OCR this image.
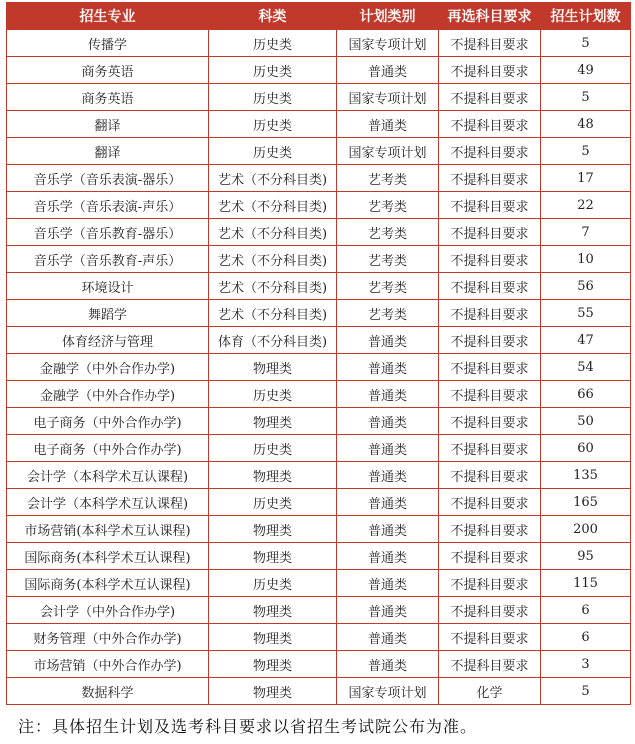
招生专业	科类	计划类别	再选科目要求	招生计划数
传播学	历史类	国家专项计划	不提科目要求	5
商务英语	历史类	普通类	不提科目要求	49
商务英语	历史类	国家专项计划	不提科目要求	5
翻译	历史类	普通类	不提科目要求	48
翻译	历史类	国家专项计划	不提科目要求	5
音乐学（音乐表演-器乐）	艺术（不分科目类)	艺考类	不提科目要求	17
音乐学（音乐表演-声乐）	艺术（不分科目类)	艺考类	不提科目要求	22
音乐学（音乐教育-器乐）	艺术（不分科目类)	艺考类	不提科目要求	7
音乐学（音乐教育-声乐）	艺术（不分科目类)	艺考类	不提科目要求	10
环境设计	艺术（不分科目类)	艺考类	不提科目要求	56
舞蹈学	艺术（不分科目类)	艺考类	不提科目要求	55
体育经济与管理	体育（不分科目类)	普通类	不提科目要求	47
金融学（中外合作办学)	物理类	普通类	不提科目要求	54
金融学（中外合作办学)	历史类	普通类	不提科目要求	66
电子商务（中外合作办学)	物理类	普通类	不提科目要求	50
电子商务（中外合作办学)	历史类	普通类	不提科目要求	60
会计学（本科学术互认课程)	物理类	普通类	不提科目要求	135
会计学（本科学术互认课程)	历史类	普通类	不提科目要求	165
市场营销(本科学术互认课程)	物理类	普通类	不提科目要求	200
国际商务(本科学术互认课程)	物理类	普通类	不提科目要求	95
国际商务(本科学术互认课程)	历史类	普通类	不提科目要求	115
会计学（中外合作办学)	物理类	普通类	不提科目要求	6
财务管理（中外合作办学)	物理类	普通类	不提科目要求	6
市场营销（中外合作办学)	物理类	普通类	不提科目要求	3
数据科学	物理类	国家专项计划	化学	5
注：具体招生计划及选考科目要求以省招生考试院公布为准。
